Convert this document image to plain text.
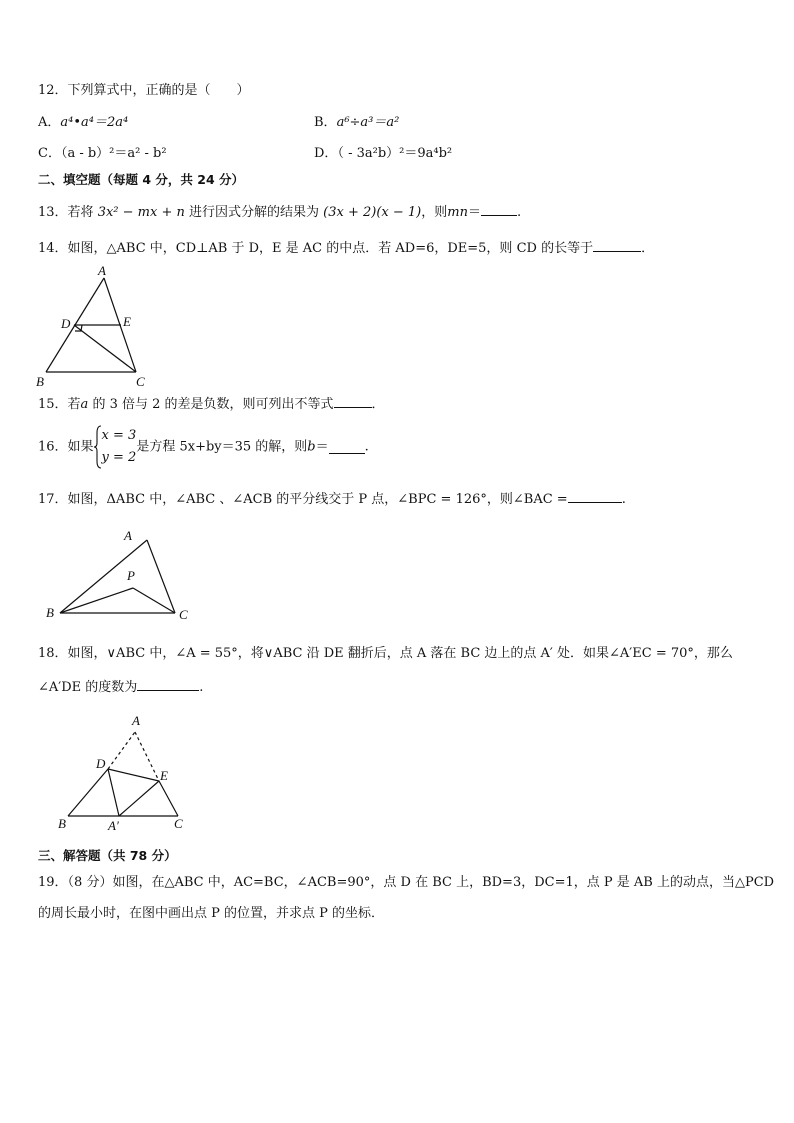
12．下列算式中，正确的是（　　）
A．a⁴•a⁴＝2a⁴	B．a⁶÷a³＝a²
C．（a - b）²＝a² - b²	D．（ - 3a²b）²＝9a⁴b²
二、填空题（每题 4 分，共 24 分）
13．若将 3x² − mx + n 进行因式分解的结果为 (3x + 2)(x − 1)，则mn＝	.
14．如图，△ABC 中，CD⊥AB 于 D，E 是 AC 的中点．若 AD=6，DE=5，则 CD 的长等于	．
A
D	E
B	C
15．若a 的 3 倍与 2 的差是负数，则可列出不等式	．
16．如果
x = 3
y = 2
是方程 5x+by＝35 的解，则b＝	.
17．如图，ΔABC 中，∠ABC 、∠ACB 的平分线交于 P 点，∠BPC = 126°，则∠BAC =	.
A
P
B	C
18．如图，∨ABC 中，∠A = 55°，将∨ABC 沿 DE 翻折后，点 A 落在 BC 边上的点 A′ 处．如果∠A′EC = 70°，那么
∠A′DE 的度数为	.
A
D
E
B	A′	C
三、解答题（共 78 分）
19．（8 分）如图，在△ABC 中，AC=BC，∠ACB=90°，点 D 在 BC 上，BD=3，DC=1，点 P 是 AB 上的动点，当△PCD
的周长最小时，在图中画出点 P 的位置，并求点 P 的坐标．
